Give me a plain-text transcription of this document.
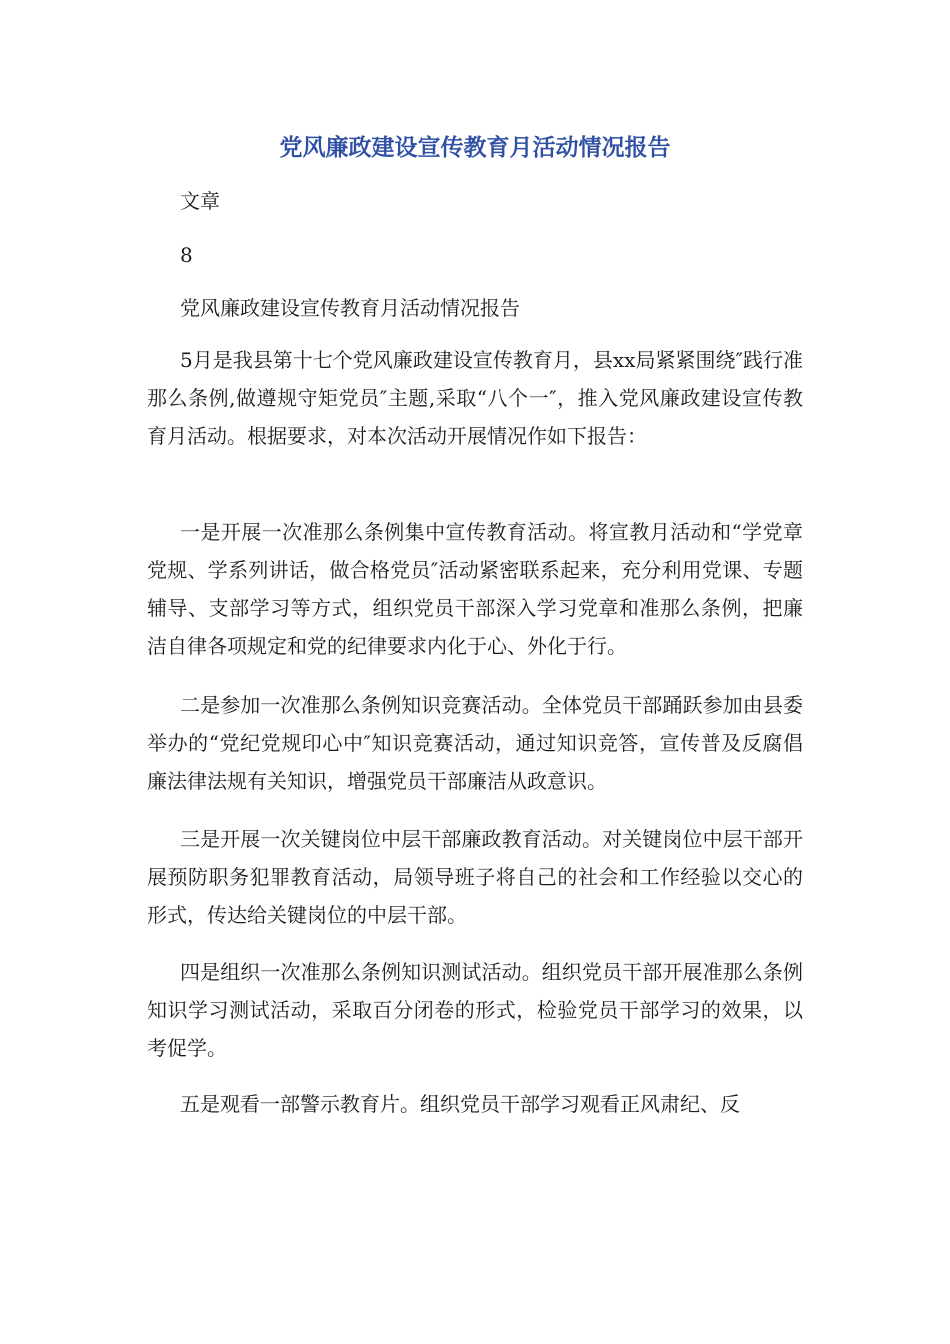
党风廉政建设宣传教育月活动情况报告

文章

8

党风廉政建设宣传教育月活动情况报告

5月是我县第十七个党风廉政建设宣传教育月，县xx局紧紧围绕″践行准那么条例,做遵规守矩党员″主题,采取“八个一″，推入党风廉政建设宣传教育月活动。根据要求，对本次活动开展情况作如下报告：

一是开展一次准那么条例集中宣传教育活动。将宣教月活动和“学党章党规、学系列讲话，做合格党员″活动紧密联系起来，充分利用党课、专题辅导、支部学习等方式，组织党员干部深入学习党章和准那么条例，把廉洁自律各项规定和党的纪律要求内化于心、外化于行。

二是参加一次准那么条例知识竞赛活动。全体党员干部踊跃参加由县委举办的“党纪党规印心中″知识竞赛活动，通过知识竞答，宣传普及反腐倡廉法律法规有关知识，增强党员干部廉洁从政意识。

三是开展一次关键岗位中层干部廉政教育活动。对关键岗位中层干部开展预防职务犯罪教育活动，局领导班子将自己的社会和工作经验以交心的形式，传达给关键岗位的中层干部。

四是组织一次准那么条例知识测试活动。组织党员干部开展准那么条例知识学习测试活动，采取百分闭卷的形式，检验党员干部学习的效果，以考促学。

五是观看一部警示教育片。组织党员干部学习观看正风肃纪、反
